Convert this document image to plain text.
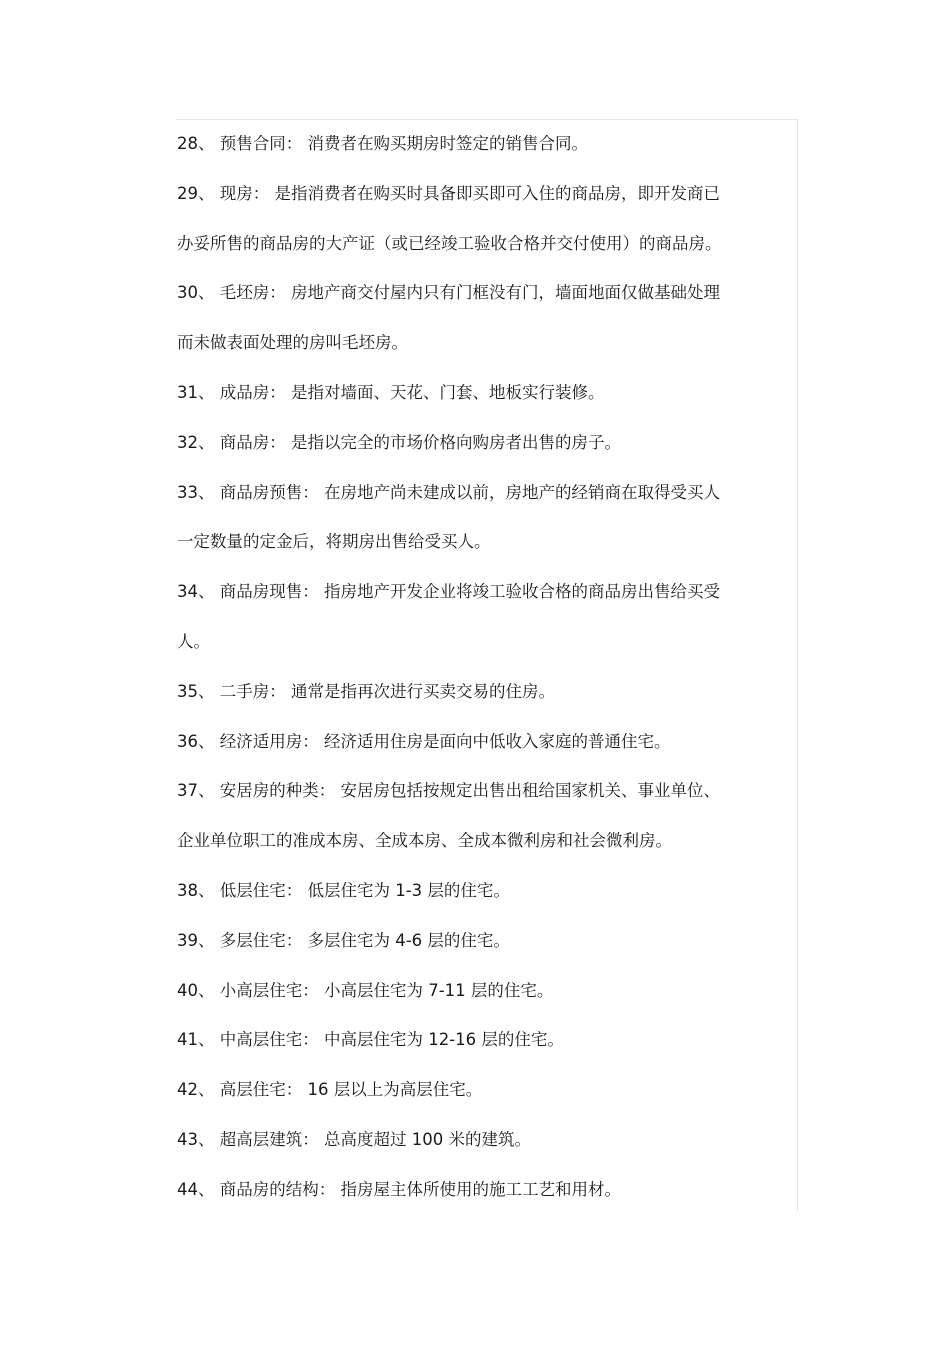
28、 预售合同： 消费者在购买期房时签定的销售合同。
29、 现房： 是指消费者在购买时具备即买即可入住的商品房，即开发商已
办妥所售的商品房的大产证（或已经竣工验收合格并交付使用）的商品房。
30、 毛坯房： 房地产商交付屋内只有门框没有门，墙面地面仅做基础处理
而未做表面处理的房叫毛坯房。
31、 成品房： 是指对墙面、天花、门套、地板实行装修。
32、 商品房： 是指以完全的市场价格向购房者出售的房子。
33、 商品房预售： 在房地产尚未建成以前，房地产的经销商在取得受买人
一定数量的定金后，将期房出售给受买人。
34、 商品房现售： 指房地产开发企业将竣工验收合格的商品房出售给买受
人。
35、 二手房： 通常是指再次进行买卖交易的住房。
36、 经济适用房： 经济适用住房是面向中低收入家庭的普通住宅。
37、 安居房的种类： 安居房包括按规定出售出租给国家机关、事业单位、
企业单位职工的准成本房、全成本房、全成本微利房和社会微利房。
38、 低层住宅： 低层住宅为 1-3 层的住宅。
39、 多层住宅： 多层住宅为 4-6 层的住宅。
40、 小高层住宅： 小高层住宅为 7-11 层的住宅。
41、 中高层住宅： 中高层住宅为 12-16 层的住宅。
42、 高层住宅： 16 层以上为高层住宅。
43、 超高层建筑： 总高度超过 100 米的建筑。
44、 商品房的结构： 指房屋主体所使用的施工工艺和用材。
